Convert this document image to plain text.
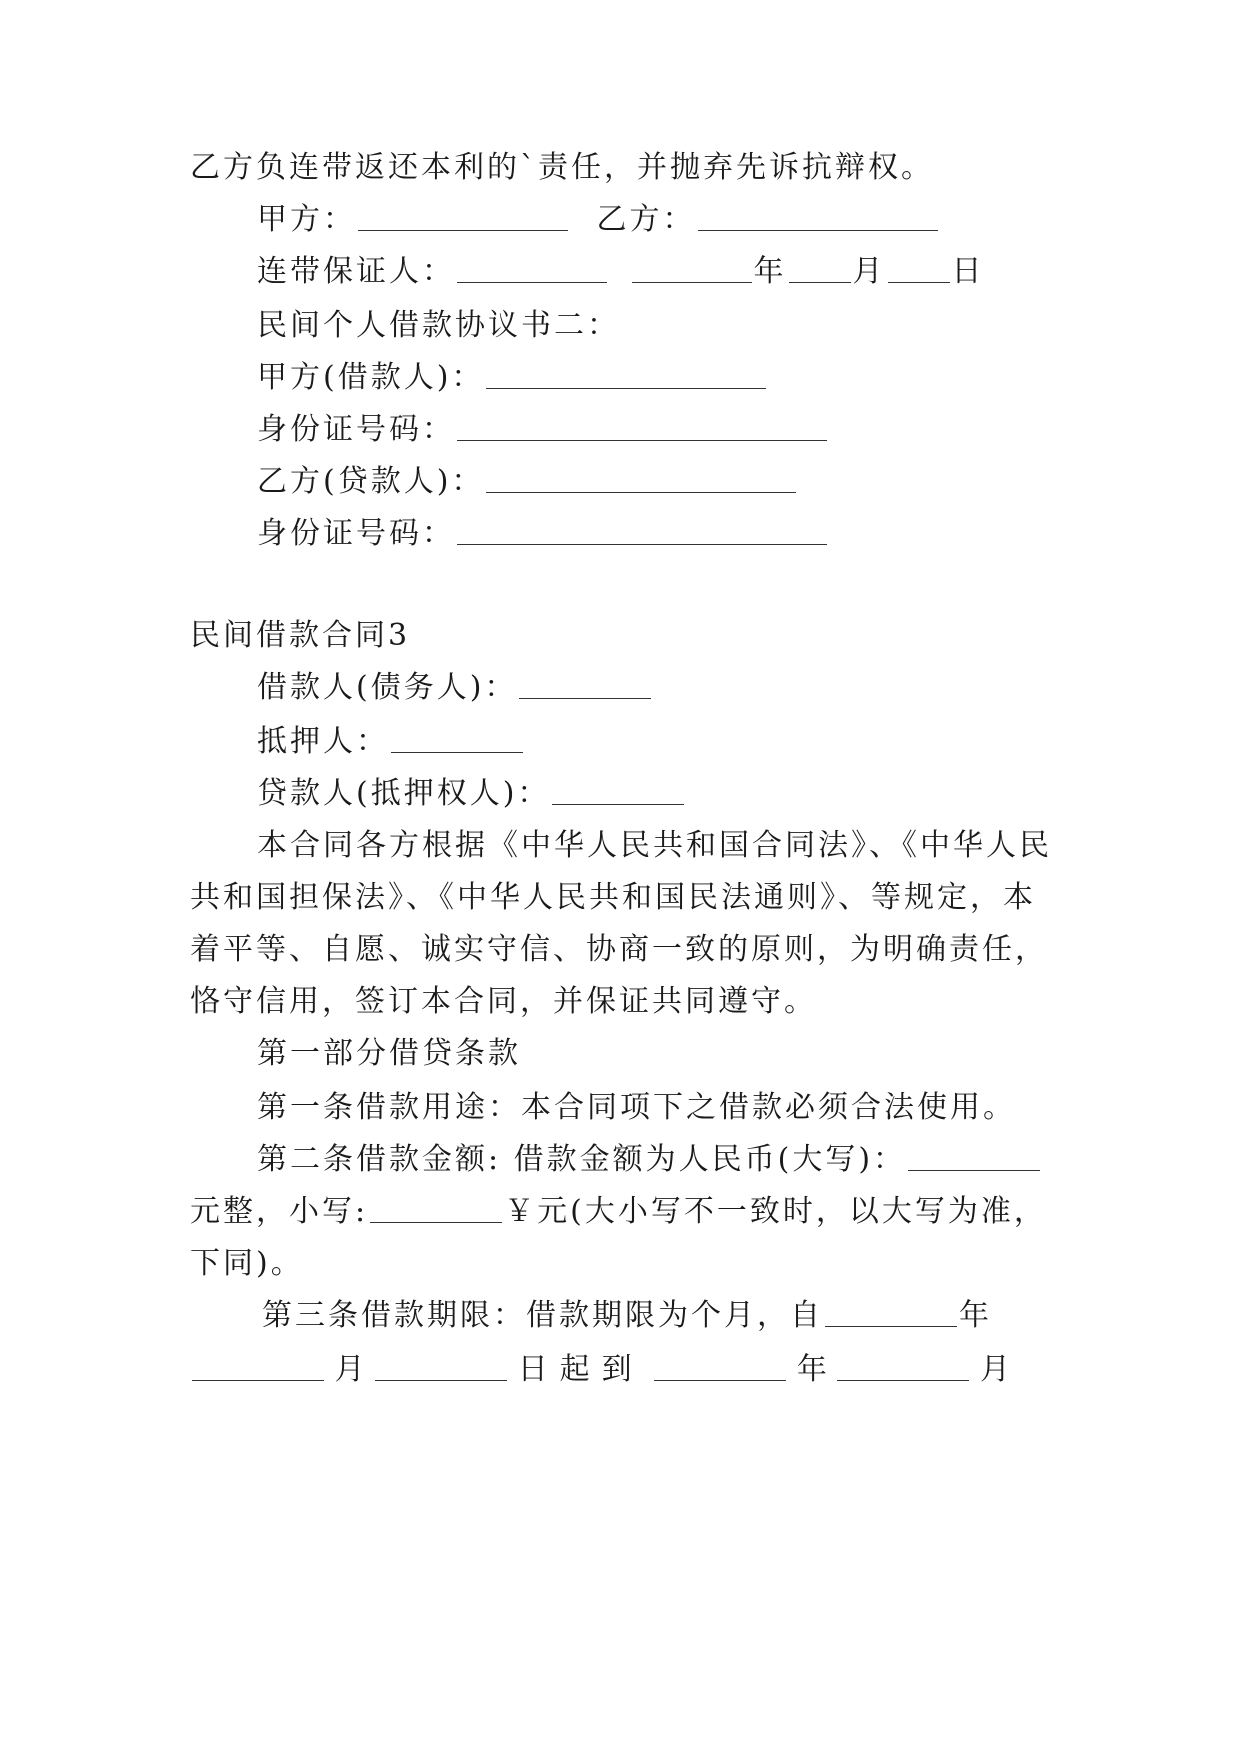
乙方负连带返还本利的`责任，并抛弃先诉抗辩权。
甲方：	乙方：
连带保证人：	年 月 日
民间个人借款协议书二：
甲方(借款人)：
身份证号码：
乙方(贷款人)：
身份证号码：
民间借款合同3
借款人(债务人)：
抵押人：
贷款人(抵押权人)：
本合同各方根据《中华人民共和国合同法》、《中华人民
共和国担保法》、《中华人民共和国民法通则》、等规定，本
着平等、自愿、诚实守信、协商一致的原则，为明确责任，
恪守信用，签订本合同，并保证共同遵守。
第一部分借贷条款
第一条借款用途：本合同项下之借款必须合法使用。
第二条借款金额: 借款金额为人民币(大写)：
元整，小写:	￥元(大小写不一致时，以大写为准，
下同)。
第三条借款期限：借款期限为个月，自	年
月	日起到	年	月
